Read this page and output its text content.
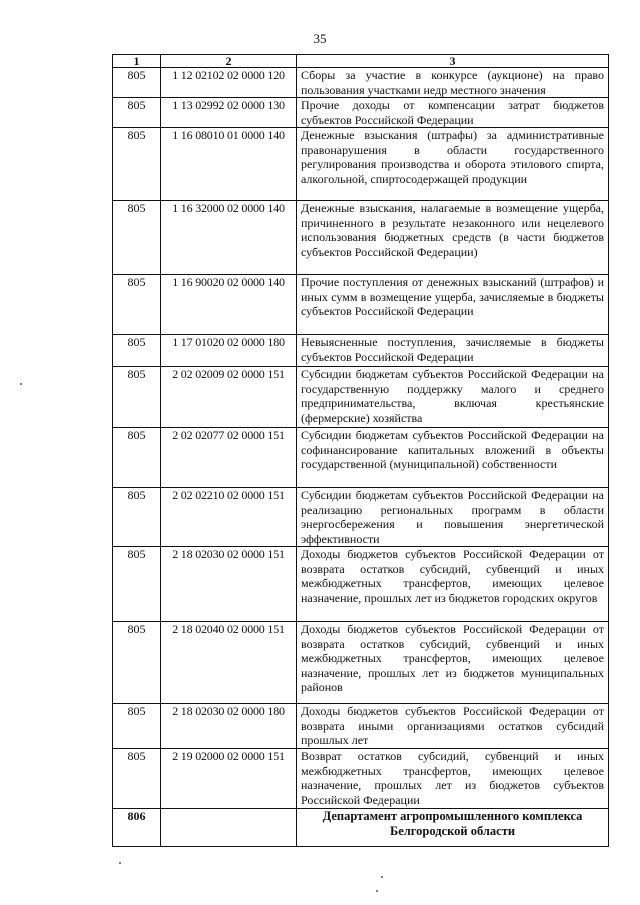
35
1	2	3
805	1 12 02102 02 0000 120	Сборы за участие в конкурсе (аукционе) на право пользования участками недр местного значения
805	1 13 02992 02 0000 130	Прочие доходы от компенсации затрат бюджетов субъектов Российской Федерации
805	1 16 08010 01 0000 140	Денежные взыскания (штрафы) за административные правонарушения в области государственного регулирования производства и оборота этилового спирта, алкогольной, спиртосодержащей продукции
805	1 16 32000 02 0000 140	Денежные взыскания, налагаемые в возмещение ущерба, причиненного в результате незаконного или нецелевого использования бюджетных средств (в части бюджетов субъектов Российской Федерации)
805	1 16 90020 02 0000 140	Прочие поступления от денежных взысканий (штрафов) и иных сумм в возмещение ущерба, зачисляемые в бюджеты субъектов Российской Федерации
805	1 17 01020 02 0000 180	Невыясненные поступления, зачисляемые в бюджеты субъектов Российской Федерации
805	2 02 02009 02 0000 151	Субсидии бюджетам субъектов Российской Федерации на государственную поддержку малого и среднего предпринимательства, включая крестьянские (фермерские) хозяйства
805	2 02 02077 02 0000 151	Субсидии бюджетам субъектов Российской Федерации на софинансирование капитальных вложений в объекты государственной (муниципальной) собственности
805	2 02 02210 02 0000 151	Субсидии бюджетам субъектов Российской Федерации на реализацию региональных программ в области энергосбережения и повышения энергетической эффективности
805	2 18 02030 02 0000 151	Доходы бюджетов субъектов Российской Федерации от возврата остатков субсидий, субвенций и иных межбюджетных трансфертов, имеющих целевое назначение, прошлых лет из бюджетов городских округов
805	2 18 02040 02 0000 151	Доходы бюджетов субъектов Российской Федерации от возврата остатков субсидий, субвенций и иных межбюджетных трансфертов, имеющих целевое назначение, прошлых лет из бюджетов муниципальных районов
805	2 18 02030 02 0000 180	Доходы бюджетов субъектов Российской Федерации от возврата иными организациями остатков субсидий прошлых лет
805	2 19 02000 02 0000 151	Возврат остатков субсидий, субвенций и иных межбюджетных трансфертов, имеющих целевое назначение, прошлых лет из бюджетов субъектов Российской Федерации
806		Департамент агропромышленного комплекса Белгородской области
